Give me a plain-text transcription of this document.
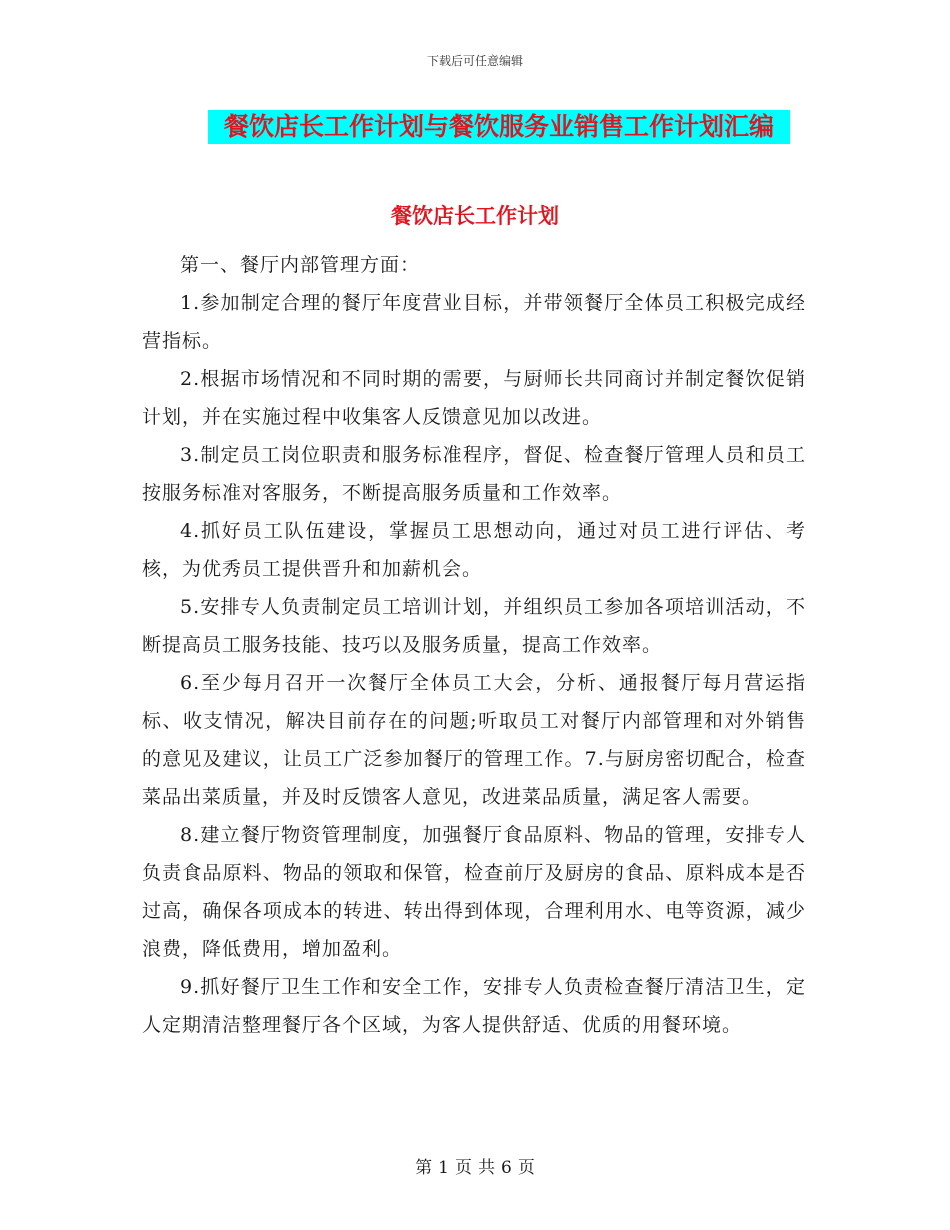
下载后可任意编辑
餐饮店长工作计划与餐饮服务业销售工作计划汇编
餐饮店长工作计划

第一、餐厅内部管理方面：

1.参加制定合理的餐厅年度营业目标，并带领餐厅全体员工积极完成经营指标。

2.根据市场情况和不同时期的需要，与厨师长共同商讨并制定餐饮促销计划，并在实施过程中收集客人反馈意见加以改进。

3.制定员工岗位职责和服务标准程序，督促、检查餐厅管理人员和员工按服务标准对客服务，不断提高服务质量和工作效率。

4.抓好员工队伍建设，掌握员工思想动向，通过对员工进行评估、考核，为优秀员工提供晋升和加薪机会。

5.安排专人负责制定员工培训计划，并组织员工参加各项培训活动，不断提高员工服务技能、技巧以及服务质量，提高工作效率。

6.至少每月召开一次餐厅全体员工大会，分析、通报餐厅每月营运指标、收支情况，解决目前存在的问题;听取员工对餐厅内部管理和对外销售的意见及建议，让员工广泛参加餐厅的管理工作。7.与厨房密切配合，检查菜品出菜质量，并及时反馈客人意见，改进菜品质量，满足客人需要。

8.建立餐厅物资管理制度，加强餐厅食品原料、物品的管理，安排专人负责食品原料、物品的领取和保管，检查前厅及厨房的食品、原料成本是否过高，确保各项成本的转进、转出得到体现，合理利用水、电等资源，减少浪费，降低费用，增加盈利。

9.抓好餐厅卫生工作和安全工作，安排专人负责检查餐厅清洁卫生，定人定期清洁整理餐厅各个区域，为客人提供舒适、优质的用餐环境。

第 1 页 共 6 页
